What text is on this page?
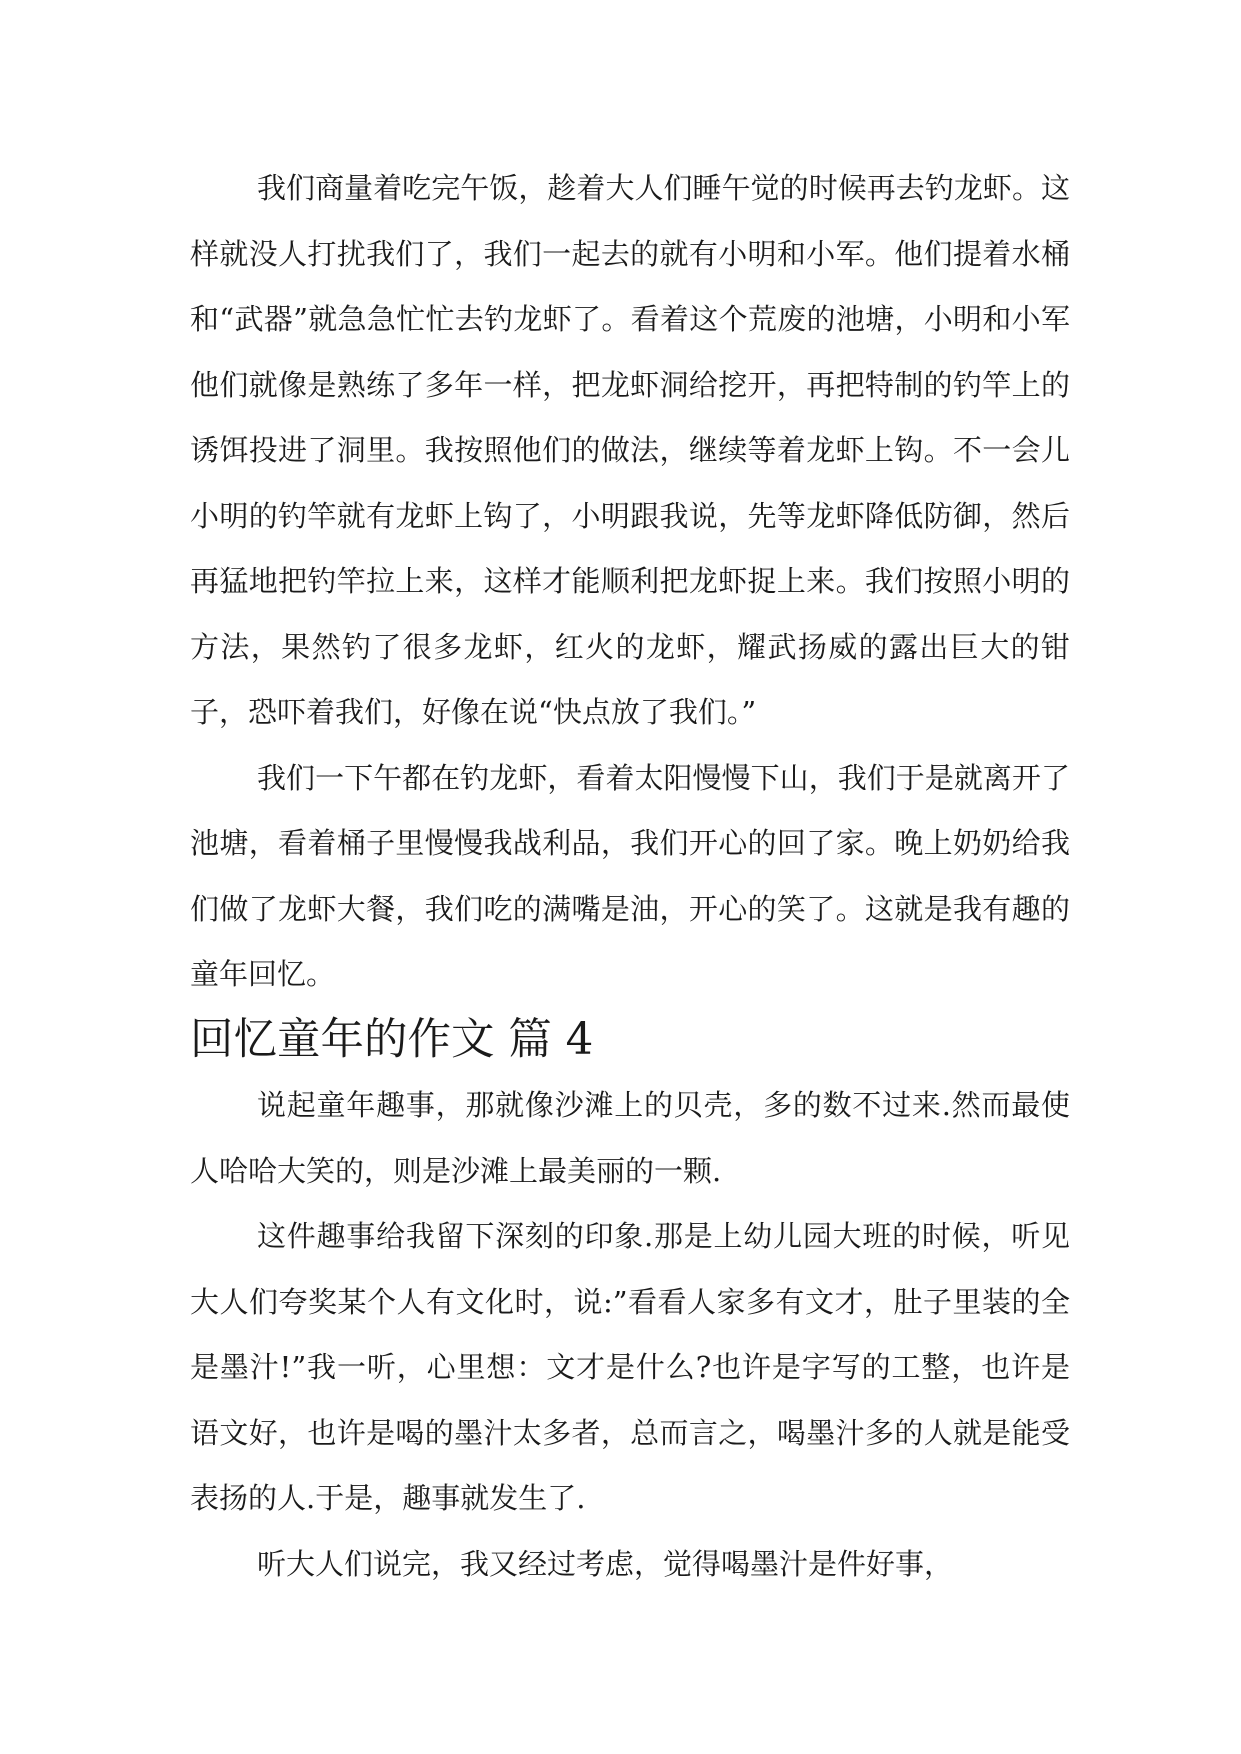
我们商量着吃完午饭，趁着大人们睡午觉的时候再去钓龙虾。这样就没人打扰我们了，我们一起去的就有小明和小军。他们提着水桶和“武器”就急急忙忙去钓龙虾了。看着这个荒废的池塘，小明和小军他们就像是熟练了多年一样，把龙虾洞给挖开，再把特制的钓竿上的诱饵投进了洞里。我按照他们的做法，继续等着龙虾上钩。不一会儿小明的钓竿就有龙虾上钩了，小明跟我说，先等龙虾降低防御，然后再猛地把钓竿拉上来，这样才能顺利把龙虾捉上来。我们按照小明的方法，果然钓了很多龙虾，红火的龙虾，耀武扬威的露出巨大的钳子，恐吓着我们，好像在说“快点放了我们。”

我们一下午都在钓龙虾，看着太阳慢慢下山，我们于是就离开了池塘，看着桶子里慢慢我战利品，我们开心的回了家。晚上奶奶给我们做了龙虾大餐，我们吃的满嘴是油，开心的笑了。这就是我有趣的童年回忆。

回忆童年的作文 篇 4

说起童年趣事，那就像沙滩上的贝壳，多的数不过来.然而最使人哈哈大笑的，则是沙滩上最美丽的一颗.

这件趣事给我留下深刻的印象.那是上幼儿园大班的时候，听见大人们夸奖某个人有文化时，说:”看看人家多有文才，肚子里装的全是墨汁!”我一听，心里想：文才是什么?也许是字写的工整，也许是语文好，也许是喝的墨汁太多者，总而言之，喝墨汁多的人就是能受表扬的人.于是，趣事就发生了.

听大人们说完，我又经过考虑，觉得喝墨汁是件好事，
